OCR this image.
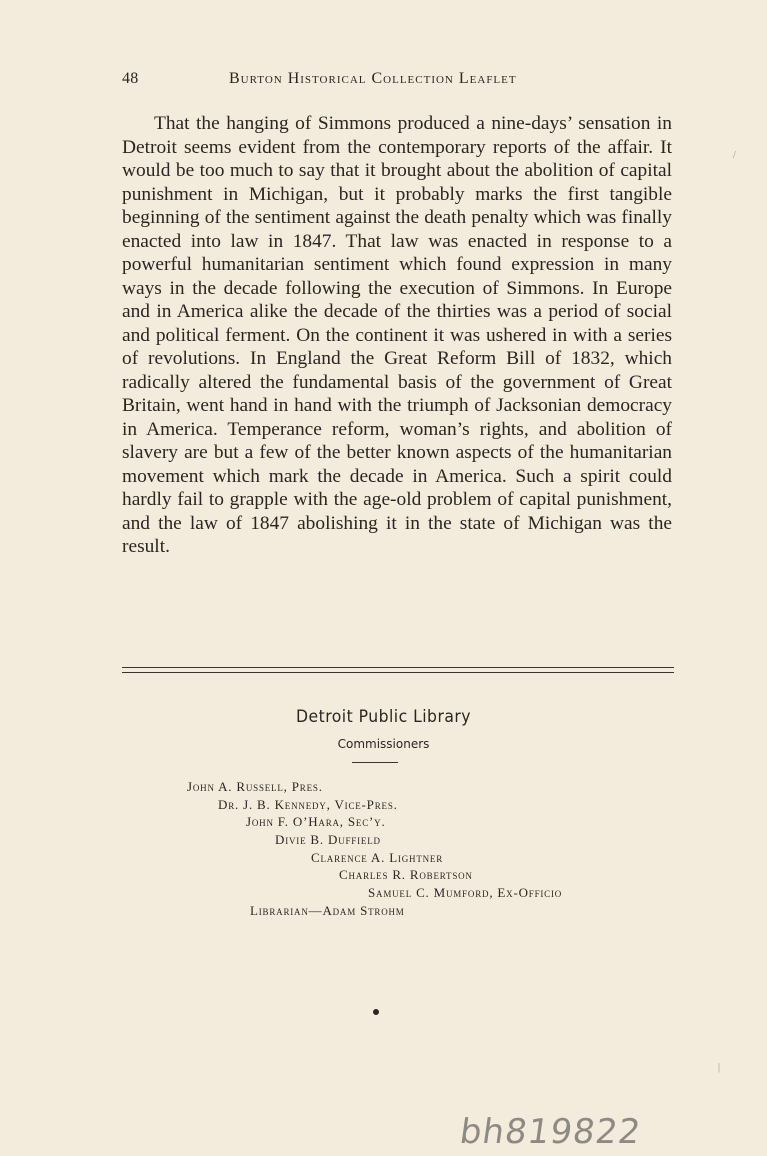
48	Burton Historical Collection Leaflet

That the hanging of Simmons produced a nine-days’ sensation in Detroit seems evident from the contemporary reports of the affair. It would be too much to say that it brought about the abolition of capital punishment in Michigan, but it probably marks the first tangible beginning of the sentiment against the death penalty which was finally enacted into law in 1847. That law was enacted in response to a powerful humanitarian sentiment which found expression in many ways in the decade following the execution of Simmons. In Europe and in America alike the decade of the thirties was a period of social and political ferment. On the continent it was ushered in with a series of revolutions. In England the Great Reform Bill of 1832, which radically altered the fundamental basis of the government of Great Britain, went hand in hand with the triumph of Jacksonian democracy in America. Temperance reform, woman’s rights, and abolition of slavery are but a few of the better known aspects of the humanitarian movement which mark the decade in America. Such a spirit could hardly fail to grapple with the age-old problem of capital punishment, and the law of 1847 abolishing it in the state of Michigan was the result.

Detroit Public Library
Commissioners
John A. Russell, Pres.
Dr. J. B. Kennedy, Vice-Pres.
John F. O’Hara, Sec’y.
Divie B. Duffield
Clarence A. Lightner
Charles R. Robertson
Samuel C. Mumford, Ex-Officio
Librarian—Adam Strohm
bh819822
/
|
